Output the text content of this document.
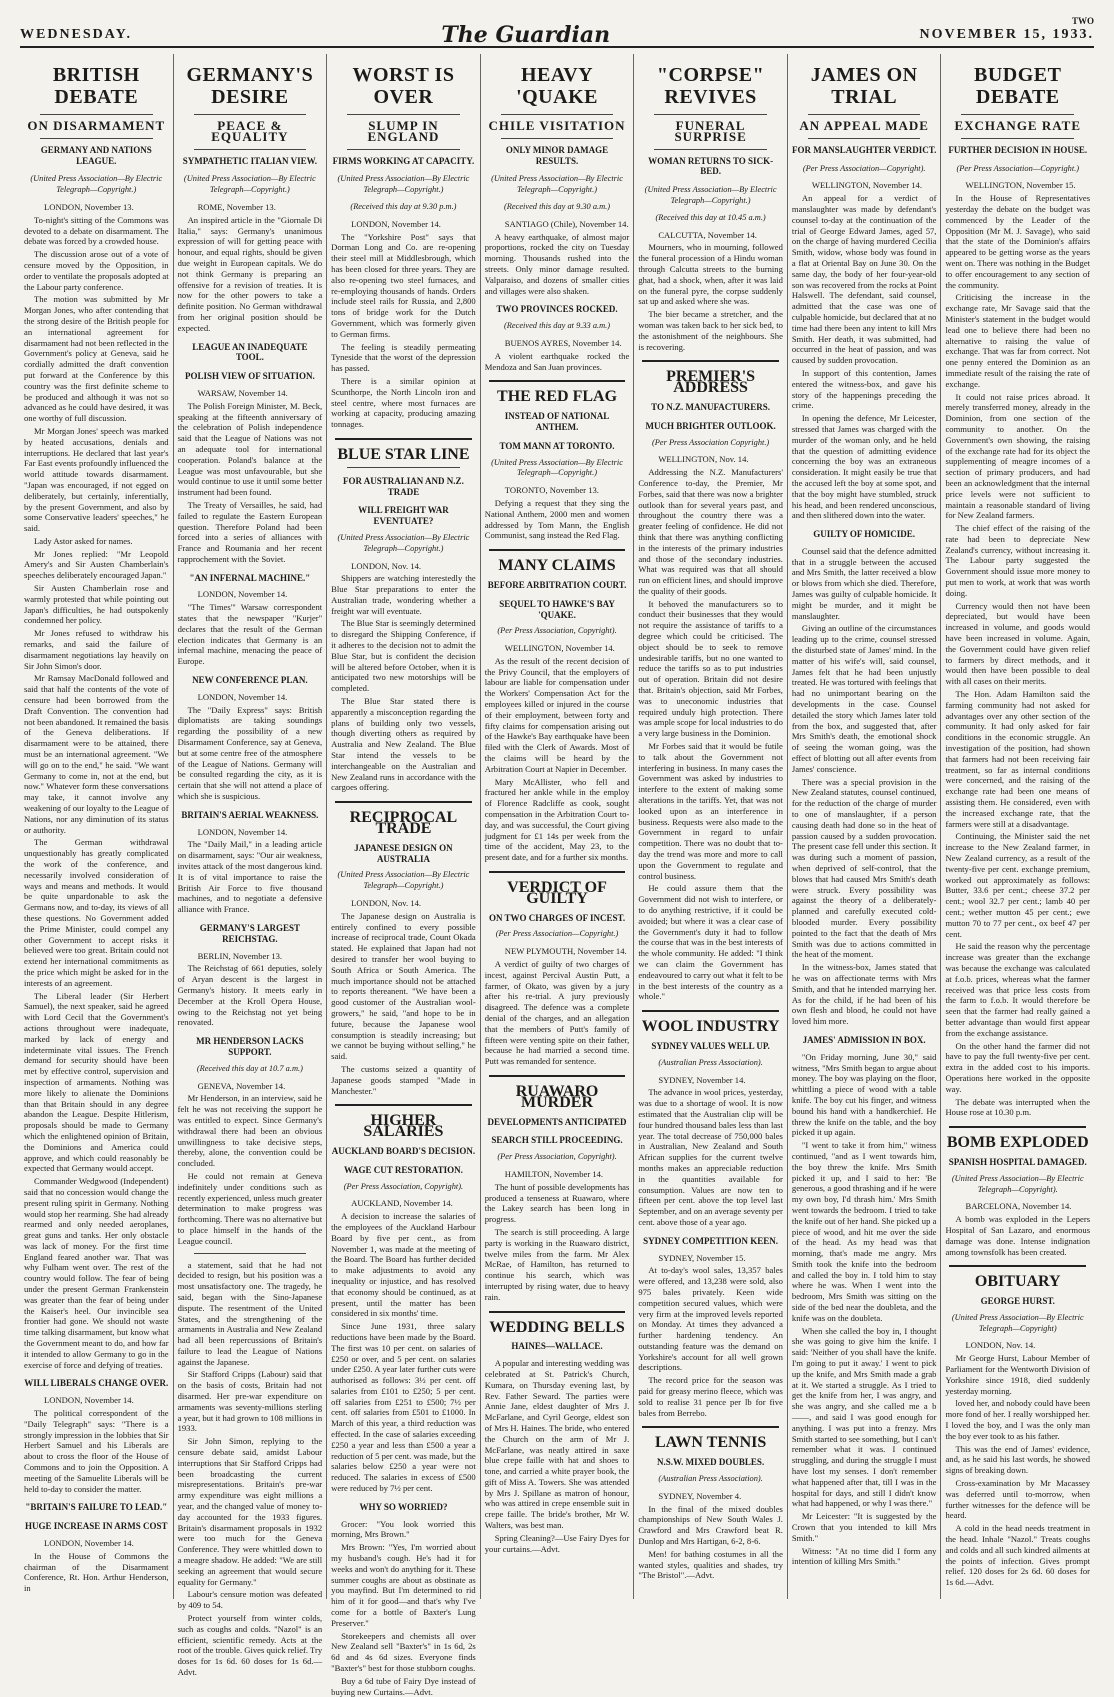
WEDNESDAY.	The Guardian	NOVEMBER 15, 1933.
TWO
BRITISH DEBATE
ON DISARMAMENT
GERMANY AND NATIONS LEAGUE.
(United Press Association—By Electric Telegraph—Copyright.)
LONDON, November 13.
To-night's sitting of the Commons was devoted to a debate on disarmament. The debate was forced by a crowded house.
The discussion arose out of a vote of censure moved by the Opposition, in order to ventilate the proposals adopted at the Labour party conference.
The motion was submitted by Mr Morgan Jones, who after contending that the strong desire of the British people for an international agreement for disarmament had not been reflected in the Government's policy at Geneva, said he cordially admitted the draft convention put forward at the Conference by this country was the first definite scheme to be produced and although it was not so advanced as he could have desired, it was one worthy of full discussion.
Mr Morgan Jones' speech was marked by heated accusations, denials and interruptions. He declared that last year's Far East events profoundly influenced the world attitude towards disarmament. "Japan was encouraged, if not egged on deliberately, but certainly, inferentially, by the present Government, and also by some Conservative leaders' speeches," he said.
Lady Astor asked for names.
Mr Jones replied: "Mr Leopold Amery's and Sir Austen Chamberlain's speeches deliberately encouraged Japan."
Sir Austen Chamberlain rose and warmly protested that while pointing out Japan's difficulties, he had outspokenly condemned her policy.
Mr Jones refused to withdraw his remarks, and said the failure of disarmament negotiations lay heavily on Sir John Simon's door.
Mr Ramsay MacDonald followed and said that half the contents of the vote of censure had been borrowed from the Draft Convention. The convention had not been abandoned. It remained the basis of the Geneva deliberations. If disarmament were to be attained, there must be an international agreement. "We will go on to the end," he said. "We want Germany to come in, not at the end, but now." Whatever form these conversations may take, it cannot involve any weakening of our loyalty to the League of Nations, nor any diminution of its status or authority.
The German withdrawal unquestionably has greatly complicated the work of the conference, and necessarily involved consideration of ways and means and methods. It would be quite unpardonable to ask the Germans now, and to-day, its views of all these questions. No Government added the Prime Minister, could compel any other Government to accept risks it believed were too great. Britain could not extend her international commitments as the price which might be asked for in the interests of an agreement.
The Liberal leader (Sir Herbert Samuel), the next speaker, said he agreed with Lord Cecil that the Government's actions throughout were inadequate, marked by lack of energy and indeterminate vital issues. The French demand for security should have been met by effective control, supervision and inspection of armaments. Nothing was more likely to alienate the Dominions than that Britain should in any degree abandon the League. Despite Hitlerism, proposals should be made to Germany which the enlightened opinion of Britain, the Dominions and America could approve, and which could reasonably be expected that Germany would accept.
Commander Wedgwood (Independent) said that no concession would change the present ruling spirit in Germany. Nothing would stop her rearming. She had already rearmed and only needed aeroplanes, great guns and tanks. Her only obstacle was lack of money. For the first time England feared another war. That was why Fulham went over. The rest of the country would follow. The fear of being under the present German Frankenstein was greater than the fear of being under the Kaiser's heel. Our invincible sea frontier had gone. We should not waste time talking disarmament, but know what the Government meant to do, and how far it intended to allow Germany to go in the exercise of force and defying of treaties.
WILL LIBERALS CHANGE OVER.
LONDON, November 14.
The political correspondent of the "Daily Telegraph" says: "There is a strongly impression in the lobbies that Sir Herbert Samuel and his Liberals are about to cross the floor of the House of Commons and to join the Opposition. A meeting of the Samuelite Liberals will be held to-day to consider the matter.
"BRITAIN'S FAILURE TO LEAD."
HUGE INCREASE IN ARMS COST
LONDON, November 14.
In the House of Commons the chairman of the Disarmament Conference, Rt. Hon. Arthur Henderson, in
GERMANY'S DESIRE
PEACE & EQUALITY
SYMPATHETIC ITALIAN VIEW.
(United Press Association—By Electric Telegraph—Copyright.)
ROME, November 13.
An inspired article in the "Giornale Di Italia," says: Germany's unanimous expression of will for getting peace with honour, and equal rights, should be given due weight in European capitals. We do not think Germany is preparing an offensive for a revision of treaties. It is now for the other powers to take a definite position. No German withdrawal from her original position should be expected.
LEAGUE AN INADEQUATE TOOL.
POLISH VIEW OF SITUATION.
WARSAW, November 14.
The Polish Foreign Minister, M. Beck, speaking at the fifteenth anniversary of the celebration of Polish independence said that the League of Nations was not an adequate tool for international cooperation. Poland's balance at the League was most unfavourable, but she would continue to use it until some better instrument had been found.
The Treaty of Versailles, he said, had failed to regulate the Eastern European question. Therefore Poland had been forced into a series of alliances with France and Roumania and her recent rapprochement with the Soviet.
"AN INFERNAL MACHINE."
LONDON, November 14.
"The Times'" Warsaw correspondent states that the newspaper "Kurjer" declares that the result of the German election indicates that Germany is an infernal machine, menacing the peace of Europe.
NEW CONFERENCE PLAN.
LONDON, November 14.
The "Daily Express" says: British diplomatists are taking soundings regarding the possibility of a new Disarmament Conference, say at Geneva, but at some centre free of the atmosphere of the League of Nations. Germany will be consulted regarding the city, as it is certain that she will not attend a place of which she is suspicious.
BRITAIN'S AERIAL WEAKNESS.
LONDON, November 14.
The "Daily Mail," in a leading article on disarmament, says: "Our air weakness, invites attack of the most dangerous kind. It is of vital importance to raise the British Air Force to five thousand machines, and to negotiate a defensive alliance with France.
GERMANY'S LARGEST REICHSTAG.
BERLIN, November 13.
The Reichstag of 661 deputies, solely of Aryan descent is the largest in Germany's history. It meets early in December at the Kroll Opera House, owing to the Reichstag not yet being renovated.
MR HENDERSON LACKS SUPPORT.
(Received this day at 10.7 a.m.)
GENEVA, November 14.
Mr Henderson, in an interview, said he felt he was not receiving the support he was entitled to expect. Since Germany's withdrawal there had been an obvious unwillingness to take decisive steps, thereby, alone, the convention could be concluded.
He could not remain at Geneva indefinitely under conditions such as recently experienced, unless much greater determination to make progress was forthcoming. There was no alternative but to place himself in the hands of the League council.
a statement, said that he had not decided to resign, but his position was a most unsatisfactory one. The tragedy, he said, began with the Sino-Japanese dispute. The resentment of the United States, and the strengthening of the armaments in Australia and New Zealand had all been repercussions of Britain's failure to lead the League of Nations against the Japanese.
Sir Stafford Cripps (Labour) said that on the basis of costs, Britain had not disarmed. Her pre-war expenditure on armaments was seventy-millions sterling a year, but it had grown to 108 millions in 1933.
Sir John Simon, replying to the censure debate said, amidst Labour interruptions that Sir Stafford Cripps had been broadcasting the current misrepresentations. Britain's pre-war army expenditure was eight millions a year, and the changed value of money to-day accounted for the 1933 figures. Britain's disarmament proposals in 1932 were too much for the Geneva Conference. They were whittled down to a meagre shadow. He added: "We are still seeking an agreement that would secure equality for Germany."
Labour's censure motion was defeated by 409 to 54.
Protect yourself from winter colds, such as coughs and colds. "Nazol" is an efficient, scientific remedy. Acts at the root of the trouble. Gives quick relief. Try doses for 1s 6d. 60 doses for 1s 6d.—Advt.
WORST IS OVER
SLUMP IN ENGLAND
FIRMS WORKING AT CAPACITY.
(United Press Association—By Electric Telegraph—Copyright.)
(Received this day at 9.30 p.m.)
LONDON, November 14.
The "Yorkshire Post" says that Dorman Long and Co. are re-opening their steel mill at Middlesbrough, which has been closed for three years. They are also re-opening two steel furnaces, and re-employing thousands of hands. Orders include steel rails for Russia, and 2,800 tons of bridge work for the Dutch Government, which was formerly given to German firms.
The feeling is steadily permeating Tyneside that the worst of the depression has passed.
There is a similar opinion at Scunthorpe, the North Lincoln iron and steel centre, where most furnaces are working at capacity, producing amazing tonnages.
BLUE STAR LINE
FOR AUSTRALIAN AND N.Z. TRADE
WILL FREIGHT WAR EVENTUATE?
(United Press Association—By Electric Telegraph—Copyright.)
LONDON, Nov. 14.
Shippers are watching interestedly the Blue Star preparations to enter the Australian trade, wondering whether a freight war will eventuate.
The Blue Star is seemingly determined to disregard the Shipping Conference, if it adheres to the decision not to admit the Blue Star, but is confident the decision will be altered before October, when it is anticipated two new motorships will be completed.
The Blue Star stated there is apparently a misconception regarding the plans of building only two vessels, though diverting others as required by Australia and New Zealand. The Blue Star intend the vessels to be interchangeable on the Australian and New Zealand runs in accordance with the cargoes offering.
RECIPROCAL TRADE
JAPANESE DESIGN ON AUSTRALIA
(United Press Association—By Electric Telegraph—Copyright.)
LONDON, Nov. 14.
The Japanese design on Australia is entirely confined to every possible increase of reciprocal trade, Count Okada stated. He explained that Japan had not desired to transfer her wool buying to South Africa or South America. The much importance should not be attached to reports thereanent. "We have been a good customer of the Australian wool-growers," he said, "and hope to be in future, because the Japanese wool consumption is steadily increasing; but we cannot be buying without selling," he said.
The customs seized a quantity of Japanese goods stamped "Made in Manchester."
HIGHER SALARIES
AUCKLAND BOARD'S DECISION.
WAGE CUT RESTORATION.
(Per Press Association, Copyright).
AUCKLAND, November 14.
A decision to increase the salaries of the employees of the Auckland Harbour Board by five per cent., as from November 1, was made at the meeting of the Board. The Board has further decided to make adjustments to avoid any inequality or injustice, and has resolved that economy should be continued, as at present, until the matter has been considered in six months' time.
Since June 1931, three salary reductions have been made by the Board. The first was 10 per cent. on salaries of £250 or over, and 5 per cent. on salaries under £250. A year later further cuts were authorised as follows: 3½ per cent. off salaries from £101 to £250; 5 per cent. off salaries from £251 to £500; 7½ per cent. off salaries from £501 to £1000. In March of this year, a third reduction was effected. In the case of salaries exceeding £250 a year and less than £500 a year a reduction of 5 per cent. was made, but the salaries below £250 a year were not reduced. The salaries in excess of £500 were reduced by 7½ per cent.
WHY SO WORRIED?
Grocer: "You look worried this morning, Mrs Brown."
Mrs Brown: "Yes, I'm worried about my husband's cough. He's had it for weeks and won't do anything for it. These summer coughs are about as obstinate as you mayfind. But I'm determined to rid him of it for good—and that's why I've come for a bottle of Baxter's Lung Preserver."
Storekeepers and chemists all over New Zealand sell "Baxter's" in 1s 6d, 2s 6d and 4s 6d sizes. Everyone finds "Baxter's" best for those stubborn coughs.
Buy a 6d tube of Fairy Dye instead of buying new Curtains.—Advt.
HEAVY 'QUAKE
CHILE VISITATION
ONLY MINOR DAMAGE RESULTS.
(United Press Association—By Electric Telegraph—Copyright.)
(Received this day at 9.30 a.m.)
SANTIAGO (Chile), November 14.
A heavy earthquake, of almost major proportions, rocked the city on Tuesday morning. Thousands rushed into the streets. Only minor damage resulted. Valparaiso, and dozens of smaller cities and villages were also shaken.
TWO PROVINCES ROCKED.
(Received this day at 9.33 a.m.)
BUENOS AYRES, November 14.
A violent earthquake rocked the Mendoza and San Juan provinces.
THE RED FLAG
INSTEAD OF NATIONAL ANTHEM.
TOM MANN AT TORONTO.
(United Press Association—By Electric Telegraph—Copyright.)
TORONTO, November 13.
Defying a request that they sing the National Anthem, 2000 men and women addressed by Tom Mann, the English Communist, sang instead the Red Flag.
MANY CLAIMS
BEFORE ARBITRATION COURT.
SEQUEL TO HAWKE'S BAY 'QUAKE.
(Per Press Association, Copyright).
WELLINGTON, November 14.
As the result of the recent decision of the Privy Council, that the employers of labour are liable for compensation under the Workers' Compensation Act for the employees killed or injured in the course of their employment, between forty and fifty claims for compensation arising out of the Hawke's Bay earthquake have been filed with the Clerk of Awards. Most of the claims will be heard by the Arbitration Court at Napier in December.
Mary McAllister, who fell and fractured her ankle while in the employ of Florence Radcliffe as cook, sought compensation in the Arbitration Court to-day, and was successful, the Court giving judgment for £1 14s per week from the time of the accident, May 23, to the present date, and for a further six months.
VERDICT OF GUILTY
ON TWO CHARGES OF INCEST.
(Per Press Association—Copyright.)
NEW PLYMOUTH, November 14.
A verdict of guilty of two charges of incest, against Percival Austin Putt, a farmer, of Okato, was given by a jury after his re-trial. A jury previously disagreed. The defence was a complete denial of the charges, and an allegation that the members of Putt's family of fifteen were venting spite on their father, because he had married a second time. Putt was remanded for sentence.
RUAWARO MURDER
DEVELOPMENTS ANTICIPATED
SEARCH STILL PROCEEDING.
(Per Press Association, Copyright).
HAMILTON, November 14.
The hunt of possible developments has produced a tenseness at Ruawaro, where the Lakey search has been long in progress.
The search is still proceeding. A large party is working in the Ruawaro district, twelve miles from the farm. Mr Alex McRae, of Hamilton, has returned to continue his search, which was interrupted by rising water, due to heavy rain.
WEDDING BELLS
HAINES—WALLACE.
A popular and interesting wedding was celebrated at St. Patrick's Church, Kumara, on Thursday evening last, by Rev. Father Seward. The parties were Annie Jane, eldest daughter of Mrs J. McFarlane, and Cyril George, eldest son of Mrs H. Haines. The bride, who entered the Church on the arm of Mr J. McFarlane, was neatly attired in saxe blue crepe faille with hat and shoes to tone, and carried a white prayer book, the gift of Miss A. Towers. She was attended by Mrs J. Spillane as matron of honour, who was attired in crepe ensemble suit in crepe faille. The bride's brother, Mr W. Walters, was best man.
Spring Cleaning?—Use Fairy Dyes for your curtains.—Advt.
"CORPSE" REVIVES
FUNERAL SURPRISE
WOMAN RETURNS TO SICK-BED.
(United Press Association—By Electric Telegraph—Copyright.)
(Received this day at 10.45 a.m.)
CALCUTTA, November 14.
Mourners, who in mourning, followed the funeral procession of a Hindu woman through Calcutta streets to the burning ghat, had a shock, when, after it was laid on the funeral pyre, the corpse suddenly sat up and asked where she was.
The bier became a stretcher, and the woman was taken back to her sick bed, to the astonishment of the neighbours. She is recovering.
PREMIER'S ADDRESS
TO N.Z. MANUFACTURERS.
MUCH BRIGHTER OUTLOOK.
(Per Press Association Copyright.)
WELLINGTON, Nov. 14.
Addressing the N.Z. Manufacturers' Conference to-day, the Premier, Mr Forbes, said that there was now a brighter outlook than for several years past, and throughout the country there was a greater feeling of confidence. He did not think that there was anything conflicting in the interests of the primary industries and those of the secondary industries. What was required was that all should run on efficient lines, and should improve the quality of their goods.
It behoved the manufacturers so to conduct their businesses that they would not require the assistance of tariffs to a degree which could be criticised. The object should be to seek to remove undesirable tariffs, but no one wanted to reduce the tariffs so as to put industries out of operation. Britain did not desire that. Britain's objection, said Mr Forbes, was to uneconomic industries that required unduly high protection. There was ample scope for local industries to do a very large business in the Dominion.
Mr Forbes said that it would be futile to talk about the Government not interfering in business. In many cases the Government was asked by industries to interfere to the extent of making some alterations in the tariffs. Yet, that was not looked upon as an interference in business. Requests were also made to the Government in regard to unfair competition. There was no doubt that to-day the trend was more and more to call upon the Government to regulate and control business.
He could assure them that the Government did not wish to interfere, or to do anything restrictive, if it could be avoided; but where it was a clear case of the Government's duty it had to follow the course that was in the best interests of the whole community. He added: "I think we can claim the Government has endeavoured to carry out what it felt to be in the best interests of the country as a whole."
WOOL INDUSTRY
SYDNEY VALUES WELL UP.
(Australian Press Association).
SYDNEY, November 14.
The advance in wool prices, yesterday, was due to a shortage of wool. It is now estimated that the Australian clip will be four hundred thousand bales less than last year. The total decrease of 750,000 bales in Australian, New Zealand and South African supplies for the current twelve months makes an appreciable reduction in the quantities available for consumption. Values are now ten to fifteen per cent. above the top level last September, and on an average seventy per cent. above those of a year ago.
SYDNEY COMPETITION KEEN.
SYDNEY, November 15.
At to-day's wool sales, 13,357 bales were offered, and 13,238 were sold, also 975 bales privately. Keen wide competition secured values, which were very firm at the improved levels reported on Monday. At times they advanced a further hardening tendency. An outstanding feature was the demand on Yorkshire's account for all well grown descriptions.
The record price for the season was paid for greasy merino fleece, which was sold to realise 31 pence per lb for five bales from Berrebo.
LAWN TENNIS
N.S.W. MIXED DOUBLES.
(Australian Press Association).
SYDNEY, November 4.
In the final of the mixed doubles championships of New South Wales J. Crawford and Mrs Crawford beat R. Dunlop and Mrs Hartigan, 6-2, 8-6.
Men! for bathing costumes in all the wanted styles, qualities and shades, try "The Bristol".—Advt.
JAMES ON TRIAL
AN APPEAL MADE
FOR MANSLAUGHTER VERDICT.
(Per Press Association—Copyright).
WELLINGTON, November 14.
An appeal for a verdict of manslaughter was made by defendant's counsel to-day at the continuation of the trial of George Edward James, aged 57, on the charge of having murdered Cecilia Smith, widow, whose body was found in a flat at Oriental Bay on June 30. On the same day, the body of her four-year-old son was recovered from the rocks at Point Halswell. The defendant, said counsel, admitted that the case was one of culpable homicide, but declared that at no time had there been any intent to kill Mrs Smith. Her death, it was submitted, had occurred in the heat of passion, and was caused by sudden provocation.
In support of this contention, James entered the witness-box, and gave his story of the happenings preceding the crime.
In opening the defence, Mr Leicester, stressed that James was charged with the murder of the woman only, and he held that the question of admitting evidence concerning the boy was an extraneous consideration. It might easily be true that the accused left the boy at some spot, and that the boy might have stumbled, struck his head, and been rendered unconscious, and then slithered down into the water.
GUILTY OF HOMICIDE.
Counsel said that the defence admitted that in a struggle between the accused and Mrs Smith, the latter received a blow or blows from which she died. Therefore, James was guilty of culpable homicide. It might be murder, and it might be manslaughter.
Giving an outline of the circumstances leading up to the crime, counsel stressed the disturbed state of James' mind. In the matter of his wife's will, said counsel, James felt that he had been unjustly treated. He was tortured with feelings that had no unimportant bearing on the developments in the case. Counsel detailed the story which James later told from the box, and suggested that, after Mrs Smith's death, the emotional shock of seeing the woman going, was the effect of blotting out all after events from James' conscience.
There was a special provision in the New Zealand statutes, counsel continued, for the reduction of the charge of murder to one of manslaughter, if a person causing death had done so in the heat of passion caused by a sudden provocation. The present case fell under this section. It was during such a moment of passion, when deprived of self-control, that the blows that had caused Mrs Smith's death were struck. Every possibility was against the theory of a deliberately-planned and carefully executed cold-blooded murder. Every possibility pointed to the fact that the death of Mrs Smith was due to actions committed in the heat of the moment.
In the witness-box, James stated that he was on affectionate terms with Mrs Smith, and that he intended marrying her. As for the child, if he had been of his own flesh and blood, he could not have loved him more.
JAMES' ADMISSION IN BOX.
"On Friday morning, June 30," said witness, "Mrs Smith began to argue about money. The boy was playing on the floor, whittling a piece of wood with a table knife. The boy cut his finger, and witness bound his hand with a handkerchief. He threw the knife on the table, and the boy picked it up again.
"I went to take it from him," witness continued, "and as I went towards him, the boy threw the knife. Mrs Smith picked it up, and I said to her: 'Be generous, a good thrashing and if he were my own boy, I'd thrash him.' Mrs Smith went towards the bedroom. I tried to take the knife out of her hand. She picked up a piece of wood, and hit me over the side of the head. As my head was that morning, that's made me angry. Mrs Smith took the knife into the bedroom and called the boy in. I told him to stay where he was. When I went into the bedroom, Mrs Smith was sitting on the side of the bed near the doubleta, and the knife was on the doubleta.
When she called the boy in, I thought she was going to give him the knife. I said: 'Neither of you shall have the knife. I'm going to put it away.' I went to pick up the knife, and Mrs Smith made a grab at it. We started a struggle. As I tried to get the knife from her, I was angry, and she was angry, and she called me a b——, and said I was good enough for anything. I was put into a frenzy. Mrs Smith started to see something, but I can't remember what it was. I continued struggling, and during the struggle I must have lost my senses. I don't remember what happened after that, till I was in the hospital for days, and still I didn't know what had happened, or why I was there."
Mr Leicester: "It is suggested by the Crown that you intended to kill Mrs Smith."
Witness: "At no time did I form any intention of killing Mrs Smith."
BUDGET DEBATE
EXCHANGE RATE
FURTHER DECISION IN HOUSE.
(Per Press Association—Copyright.)
WELLINGTON, November 15.
In the House of Representatives yesterday the debate on the budget was commenced by the Leader of the Opposition (Mr M. J. Savage), who said that the state of the Dominion's affairs appeared to be getting worse as the years went on. There was nothing in the Budget to offer encouragement to any section of the community.
Criticising the increase in the exchange rate, Mr Savage said that the Minister's statement in the budget would lead one to believe there had been no alternative to raising the value of exchange. That was far from correct. Not one penny entered the Dominion as an immediate result of the raising the rate of exchange.
It could not raise prices abroad. It merely transferred money, already in the Dominion, from one section of the community to another. On the Government's own showing, the raising of the exchange rate had for its object the supplementing of meagre incomes of a section of primary producers, and had been an acknowledgment that the internal price levels were not sufficient to maintain a reasonable standard of living for New Zealand farmers.
The chief effect of the raising of the rate had been to depreciate New Zealand's currency, without increasing it. The Labour party suggested the Government should issue more money to put men to work, at work that was worth doing.
Currency would then not have been depreciated, but would have been increased in volume, and goods would have been increased in volume. Again, the Government could have given relief to farmers by direct methods, and it would then have been possible to deal with all cases on their merits.
The Hon. Adam Hamilton said the farming community had not asked for advantages over any other section of the community. It had only asked for fair conditions in the economic struggle. An investigation of the position, had shown that farmers had not been receiving fair treatment, so far as internal conditions were concerned, and the raising of the exchange rate had been one means of assisting them. He considered, even with the increased exchange rate, that the farmers were still at a disadvantage.
Continuing, the Minister said the net increase to the New Zealand farmer, in New Zealand currency, as a result of the twenty-five per cent. exchange premium, worked out approximately as follows: Butter, 33.6 per cent.; cheese 37.2 per cent.; wool 32.7 per cent.; lamb 40 per cent.; wether mutton 45 per cent.; ewe mutton 70 to 77 per cent., ox beef 47 per cent.
He said the reason why the percentage increase was greater than the exchange was because the exchange was calculated at f.o.b. prices, whereas what the farmer received was that price less costs from the farm to f.o.b. It would therefore be seen that the farmer had really gained a better advantage than would first appear from the exchange assistance.
On the other hand the farmer did not have to pay the full twenty-five per cent. extra in the added cost to his imports. Operations here worked in the opposite way.
The debate was interrupted when the House rose at 10.30 p.m.
BOMB EXPLODED
SPANISH HOSPITAL DAMAGED.
(United Press Association—By Electric Telegraph—Copyright).
BARCELONA, November 14.
A bomb was exploded in the Lepers Hospital of San Lazaro, and enormous damage was done. Intense indignation among townsfolk has been created.
OBITUARY
GEORGE HURST.
(United Press Association—By Electric Telegraph—Copyright)
LONDON, Nov. 14.
Mr George Hurst, Labour Member of Parliament for the Wentworth Division of Yorkshire since 1918, died suddenly yesterday morning.
loved her, and nobody could have been more fond of her. I really worshipped her. I loved the boy, and I was the only man the boy ever took to as his father.
This was the end of James' evidence, and, as he said his last words, he showed signs of breaking down.
Cross-examination by Mr Macassey was deferred until to-morrow, when further witnesses for the defence will be heard.
A cold in the head needs treatment in the head. Inhale "Nazol." Treats coughs and colds and all such kindred ailments at the points of infection. Gives prompt relief. 120 doses for 2s 6d. 60 doses for 1s 6d.—Advt.
